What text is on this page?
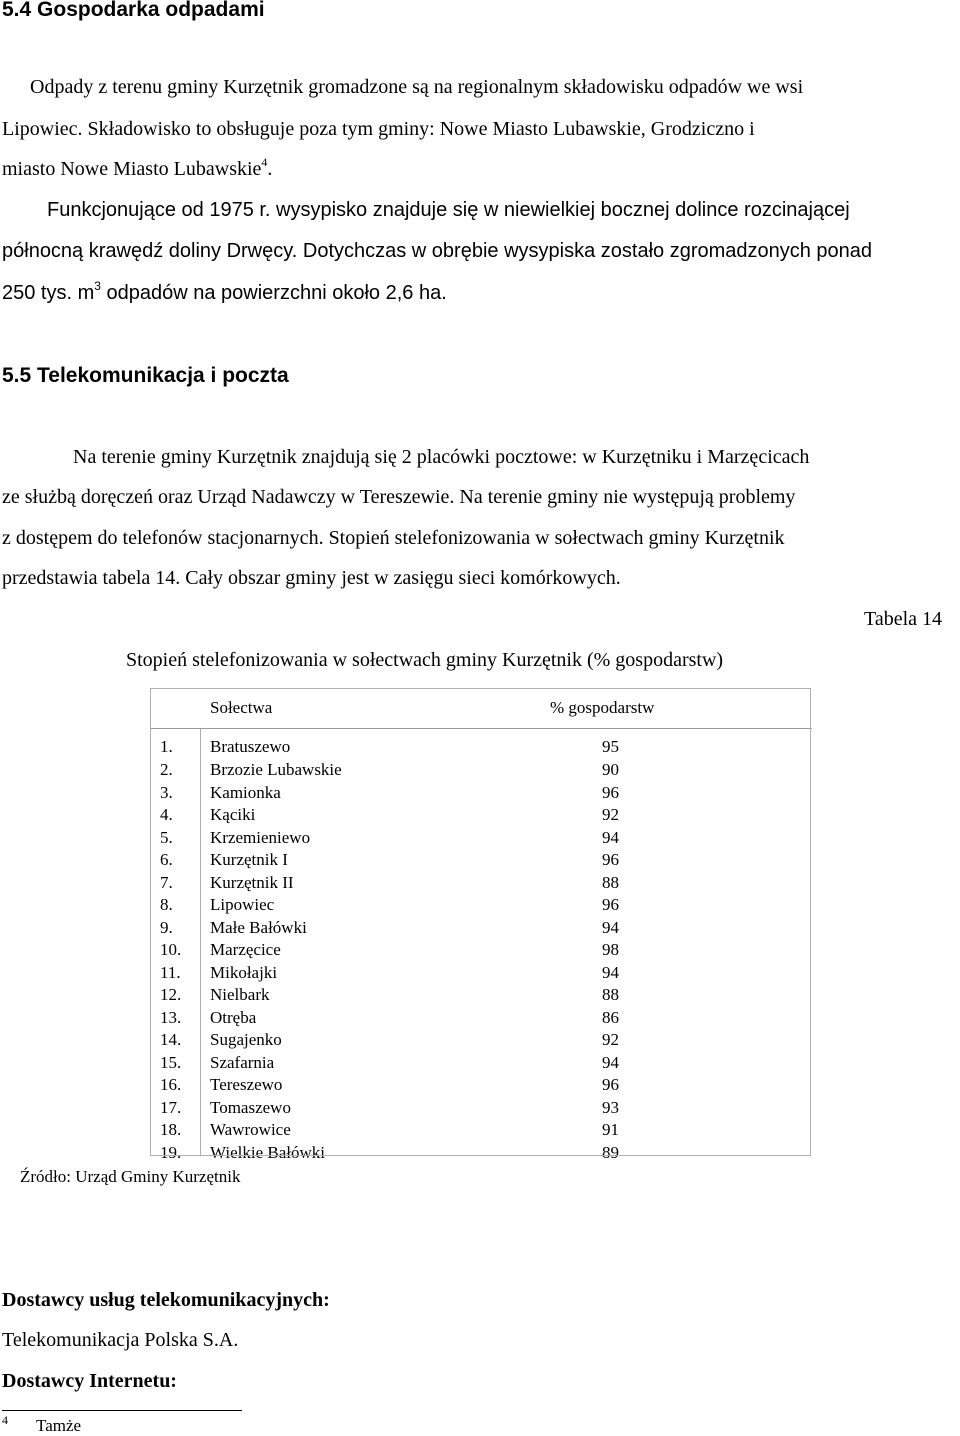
5.4 Gospodarka odpadami
Odpady z terenu gminy Kurzętnik gromadzone są na regionalnym składowisku odpadów we wsi
Lipowiec. Składowisko to obsługuje poza tym gminy: Nowe Miasto Lubawskie, Grodziczno i
miasto Nowe Miasto Lubawskie$^4$.
Funkcjonujące od 1975 r. wysypisko znajduje się w niewielkiej bocznej dolince rozcinającej
północną krawędź doliny Drwęcy. Dotychczas w obrębie wysypiska zostało zgromadzonych ponad
250 tys. $m^3$ odpadów na powierzchni około 2,6 ha.
5.5 Telekomunikacja i poczta
Na terenie gminy Kurzętnik znajdują się 2 placówki pocztowe: w Kurzętniku i Marzęcicach
ze służbą doręczeń oraz Urząd Nadawczy w Tereszewie. Na terenie gminy nie występują problemy
z dostępem do telefonów stacjonarnych. Stopień stelefonizowania w sołectwach gminy Kurzętnik
przedstawia tabela 14. Cały obszar gminy jest w zasięgu sieci komórkowych.
Tabela 14
Stopień stelefonizowania w sołectwach gminy Kurzętnik (% gospodarstw)
	Sołectwa	% gospodarstw
1.	Bratuszewo	95
2.	Brzozie Lubawskie	90
3.	Kamionka	96
4.	Kąciki	92
5.	Krzemieniewo	94
6.	Kurzętnik I	96
7.	Kurzętnik II	88
8.	Lipowiec	96
9.	Małe Bałówki	94
10.	Marzęcice	98
11.	Mikołajki	94
12.	Nielbark	88
13.	Otręba	86
14.	Sugajenko	92
15.	Szafarnia	94
16.	Tereszewo	96
17.	Tomaszewo	93
18.	Wawrowice	91
19.	Wielkie Bałówki	89
Źródło: Urząd Gminy Kurzętnik
Dostawcy usług telekomunikacyjnych:
Telekomunikacja Polska S.A.
Dostawcy Internetu:
4 Tamże
